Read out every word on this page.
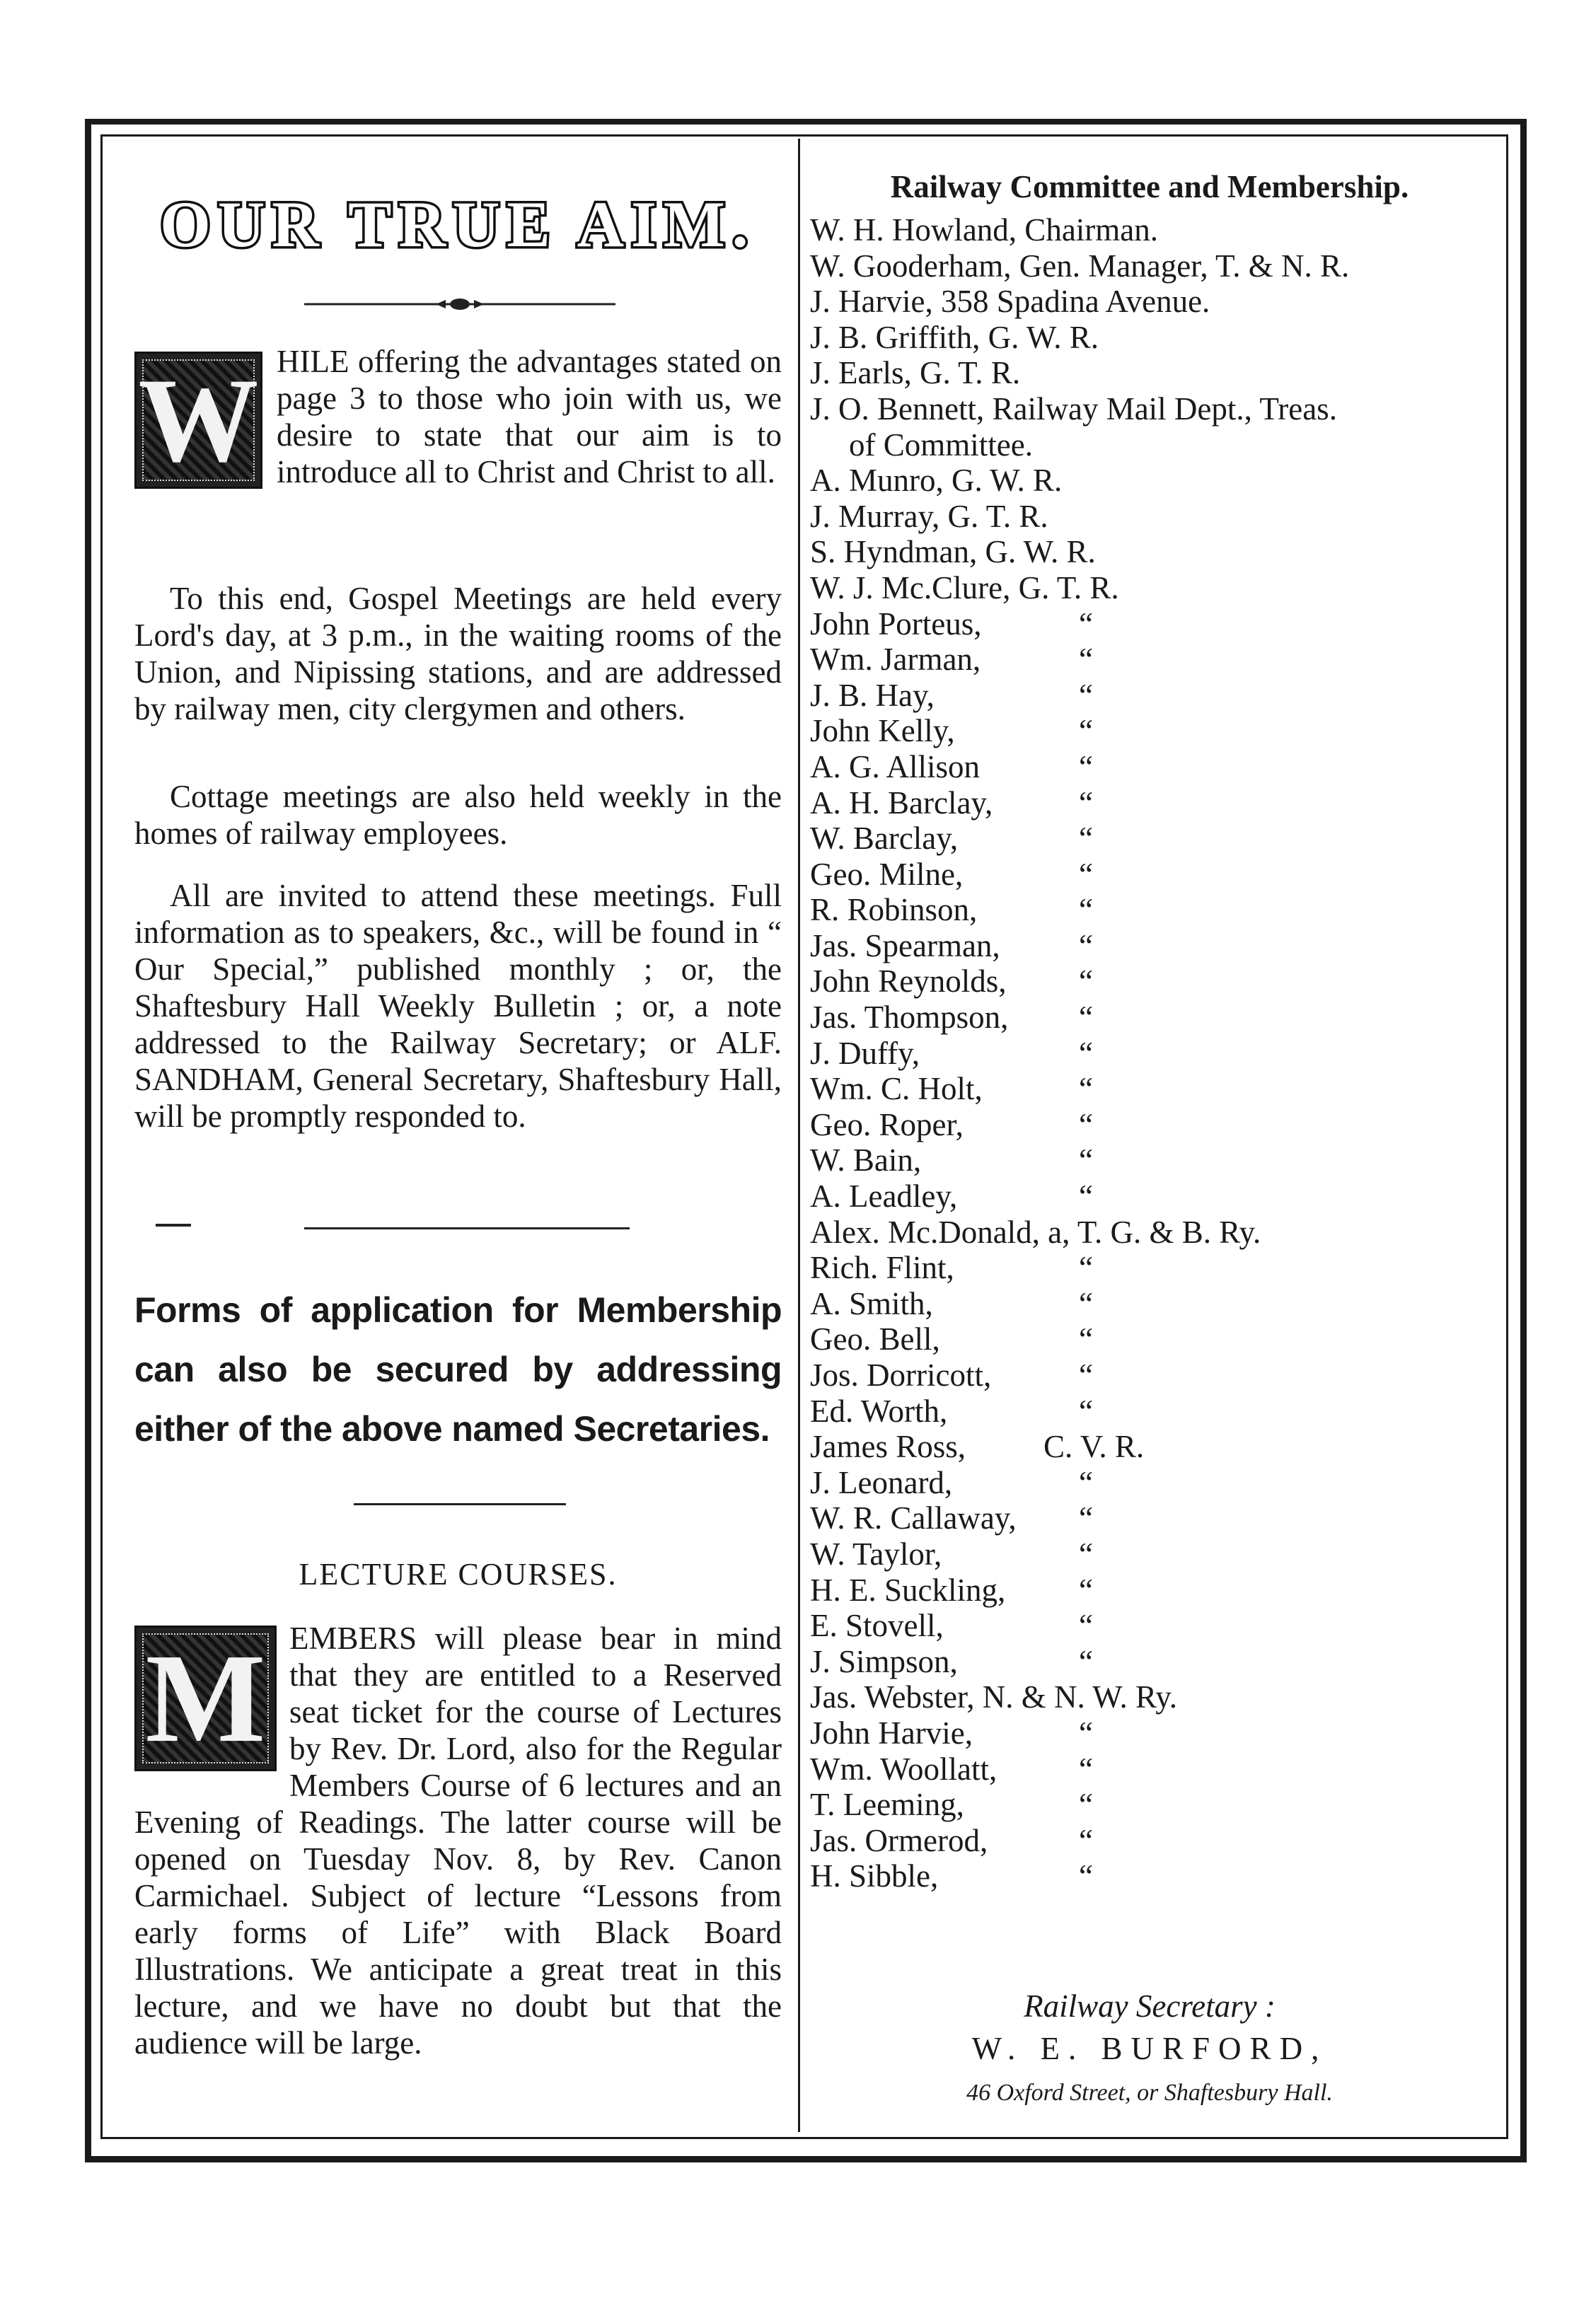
OUR TRUE AIM.
W HILE offering the advantages stated on page 3 to those who join with us, we desire to state that our aim is to introduce all to Christ and Christ to all.

To this end, Gospel Meetings are held every Lord's day, at 3 p.m., in the waiting rooms of the Union, and Nipissing stations, and are addressed by railway men, city clergymen and others.

Cottage meetings are also held weekly in the homes of railway employees.

All are invited to attend these meetings. Full information as to speakers, &c., will be found in “ Our Special,” published monthly ; or, the Shaftesbury Hall Weekly Bulletin ; or, a note addressed to the Railway Secretary; or ALF. SANDHAM, General Secretary, Shaftesbury Hall, will be promptly responded to.

Forms of application for Membership can also be secured by addressing either of the above named Secretaries.
LECTURE COURSES.
M EMBERS will please bear in mind that they are entitled to a Reserved seat ticket for the course of Lectures by Rev. Dr. Lord, also for the Regular Members Course of 6 lectures and an Evening of Readings. The latter course will be opened on Tuesday Nov. 8, by Rev. Canon Carmichael. Subject of lecture “Lessons from early forms of Life” with Black Board Illustrations. We anticipate a great treat in this lecture, and we have no doubt but that the audience will be large.

Railway Committee and Membership.
W. H. Howland, Chairman.
W. Gooderham, Gen. Manager, T. & N. R.
J. Harvie, 358 Spadina Avenue.
J. B. Griffith, G. W. R.
J. Earls, G. T. R.
J. O. Bennett, Railway Mail Dept., Treas.
of Committee.
A. Munro, G. W. R.
J. Murray, G. T. R.
S. Hyndman, G. W. R.
W. J. Mc.Clure, G. T. R.
John Porteus,	“
Wm. Jarman,	“
J. B. Hay,	“
John Kelly,	“
A. G. Allison	“
A. H. Barclay,	“
W. Barclay,	“
Geo. Milne,	“
R. Robinson,	“
Jas. Spearman, “
John Reynolds, “
Jas. Thompson, “
J. Duffy,	“
Wm. C. Holt,	“
Geo. Roper,	“
W. Bain,	“
A. Leadley,	“
Alex. Mc.Donald, a, T. G. & B. Ry.
Rich. Flint,	“
A. Smith,	“
Geo. Bell,	“
Jos. Dorricott,	“
Ed. Worth,	“
James Ross, C. V. R.
J. Leonard,	“
W. R. Callaway, “
W. Taylor,	“
H. E. Suckling, “
E. Stovell,	“
J. Simpson,	“
Jas. Webster, N. & N. W. Ry.
John Harvie,	“
Wm. Woollatt,	“
T. Leeming,	“
Jas. Ormerod,	“
H. Sibble,	“
Railway Secretary :
W. E. BURFORD,
46 Oxford Street, or Shaftesbury Hall.
